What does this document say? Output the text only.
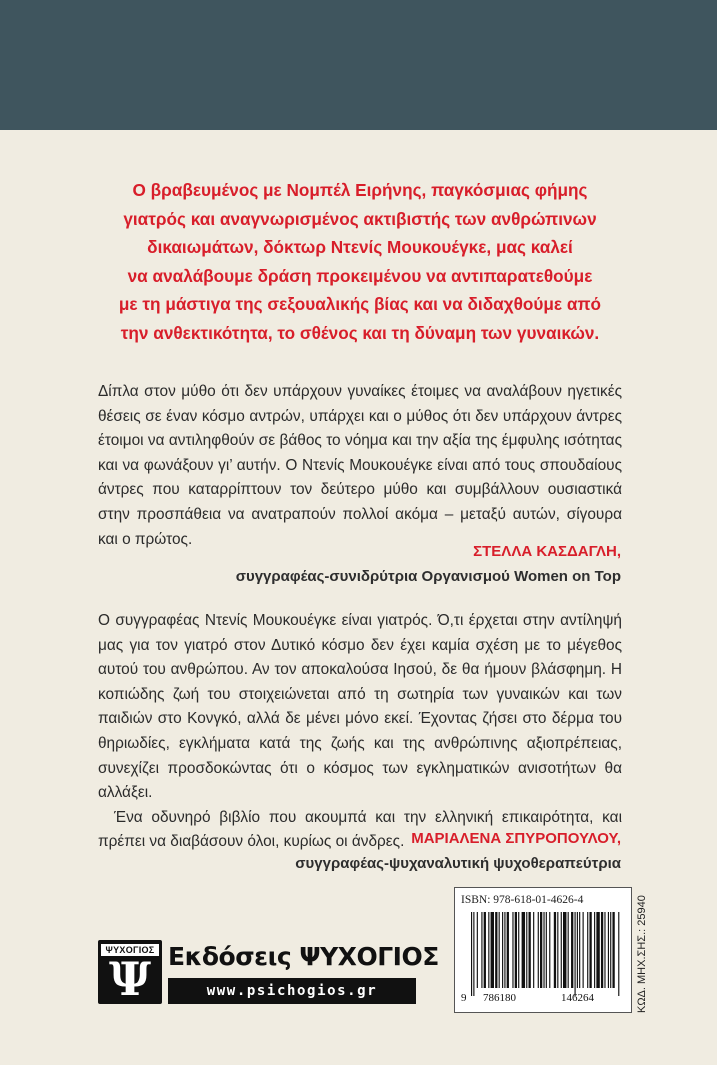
Ο βραβευμένος με Νομπέλ Ειρήνης, παγκόσμιας φήμης
γιατρός και αναγνωρισμένος ακτιβιστής των ανθρώπινων
δικαιωμάτων, δόκτωρ Ντενίς Μουκουέγκε, μας καλεί
να αναλάβουμε δράση προκειμένου να αντιπαρατεθούμε
με τη μάστιγα της σεξουαλικής βίας και να διδαχθούμε από
την ανθεκτικότητα, το σθένος και τη δύναμη των γυναικών.

Δίπλα στον μύθο ότι δεν υπάρχουν γυναίκες έτοιμες να αναλάβουν ηγετικές θέσεις σε έναν κόσμο αντρών, υπάρχει και ο μύθος ότι δεν υπάρχουν άντρες έτοιμοι να αντιληφθούν σε βάθος το νόημα και την αξία της έμφυλης ισότητας και να φωνάξουν γι’ αυτήν. Ο Ντενίς Μουκουέγκε είναι από τους σπουδαίους άντρες που καταρρίπτουν τον δεύτερο μύθο και συμβάλλουν ουσιαστικά στην προσπάθεια να ανατραπούν πολλοί ακόμα – μεταξύ αυτών, σίγουρα και ο πρώτος.

ΣΤΕΛΛΑ ΚΑΣΔΑΓΛΗ,
συγγραφέας-συνιδρύτρια Οργανισμού Women on Top

Ο συγγραφέας Ντενίς Μουκουέγκε είναι γιατρός. Ό,τι έρχεται στην αντίληψή μας για τον γιατρό στον Δυτικό κόσμο δεν έχει καμία σχέση με το μέγεθος αυτού του ανθρώπου. Αν τον αποκαλούσα Ιησού, δε θα ήμουν βλάσφημη. Η κοπιώδης ζωή του στοιχειώνεται από τη σωτηρία των γυναικών και των παιδιών στο Κονγκό, αλλά δε μένει μόνο εκεί. Έχοντας ζήσει στο δέρμα του θηριωδίες, εγκλήματα κατά της ζωής και της ανθρώπινης αξιοπρέπειας, συνεχίζει προσδοκώντας ότι ο κόσμος των εγκληματικών ανισοτήτων θα αλλάξει.

Ένα οδυνηρό βιβλίο που ακουμπά και την ελληνική επικαιρότητα, και πρέπει να διαβάσουν όλοι, κυρίως οι άνδρες. ΜΑΡΙΑΛΕΝΑ ΣΠΥΡΟΠΟΥΛΟΥ,
συγγραφέας-ψυχαναλυτική ψυχοθεραπεύτρια
ΨΥΧΟΓΙΟΣ
Ψ Εκδόσεις ΨΥΧΟΓΙΟΣ
www.psichogios.gr
ISBN: 978-618-01-4626-4
9 786180	146264	ΚΩΔ. ΜΗΧ.ΣΗΣ.: 25940
